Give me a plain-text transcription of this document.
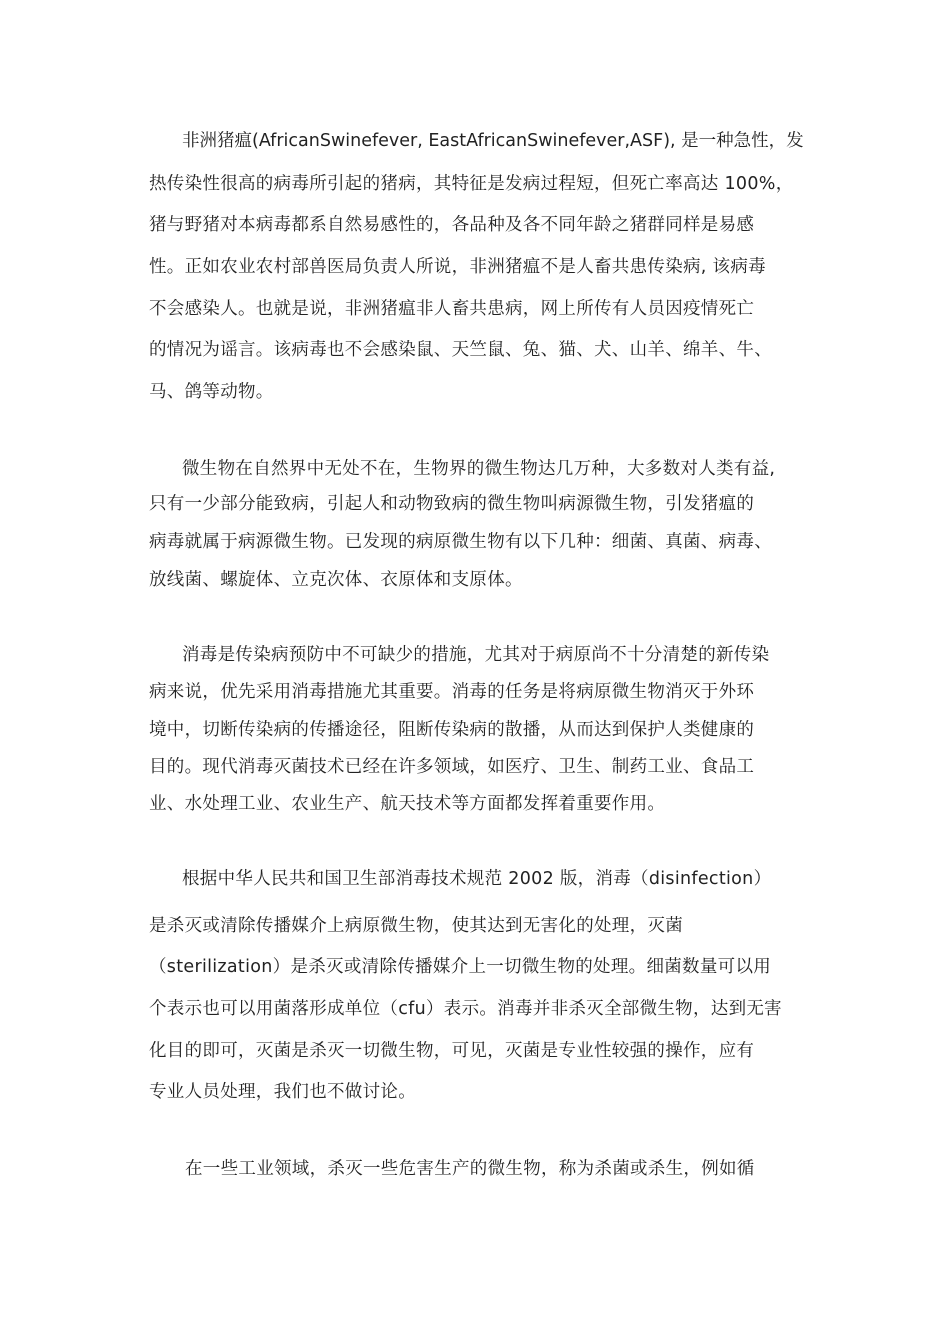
非洲猪瘟(AfricanSwinefever, EastAfricanSwinefever,ASF), 是一种急性，发
热传染性很高的病毒所引起的猪病，其特征是发病过程短，但死亡率高达 100%，
猪与野猪对本病毒都系自然易感性的，各品种及各不同年龄之猪群同样是易感
性。正如农业农村部兽医局负责人所说，非洲猪瘟不是人畜共患传染病, 该病毒
不会感染人。也就是说，非洲猪瘟非人畜共患病，网上所传有人员因疫情死亡
的情况为谣言。该病毒也不会感染鼠、天竺鼠、兔、猫、犬、山羊、绵羊、牛、
马、鸽等动物。
微生物在自然界中无处不在，生物界的微生物达几万种，大多数对人类有益,
只有一少部分能致病，引起人和动物致病的微生物叫病源微生物，引发猪瘟的
病毒就属于病源微生物。已发现的病原微生物有以下几种：细菌、真菌、病毒、
放线菌、螺旋体、立克次体、衣原体和支原体。
消毒是传染病预防中不可缺少的措施，尤其对于病原尚不十分清楚的新传染
病来说，优先采用消毒措施尤其重要。消毒的任务是将病原微生物消灭于外环
境中，切断传染病的传播途径，阻断传染病的散播，从而达到保护人类健康的
目的。现代消毒灭菌技术已经在许多领域，如医疗、卫生、制药工业、食品工
业、水处理工业、农业生产、航天技术等方面都发挥着重要作用。
根据中华人民共和国卫生部消毒技术规范 2002 版，消毒（disinfection）
是杀灭或清除传播媒介上病原微生物，使其达到无害化的处理，灭菌
（sterilization）是杀灭或清除传播媒介上一切微生物的处理。细菌数量可以用
个表示也可以用菌落形成单位（cfu）表示。消毒并非杀灭全部微生物，达到无害
化目的即可，灭菌是杀灭一切微生物，可见，灭菌是专业性较强的操作，应有
专业人员处理，我们也不做讨论。
在一些工业领域，杀灭一些危害生产的微生物，称为杀菌或杀生，例如循
